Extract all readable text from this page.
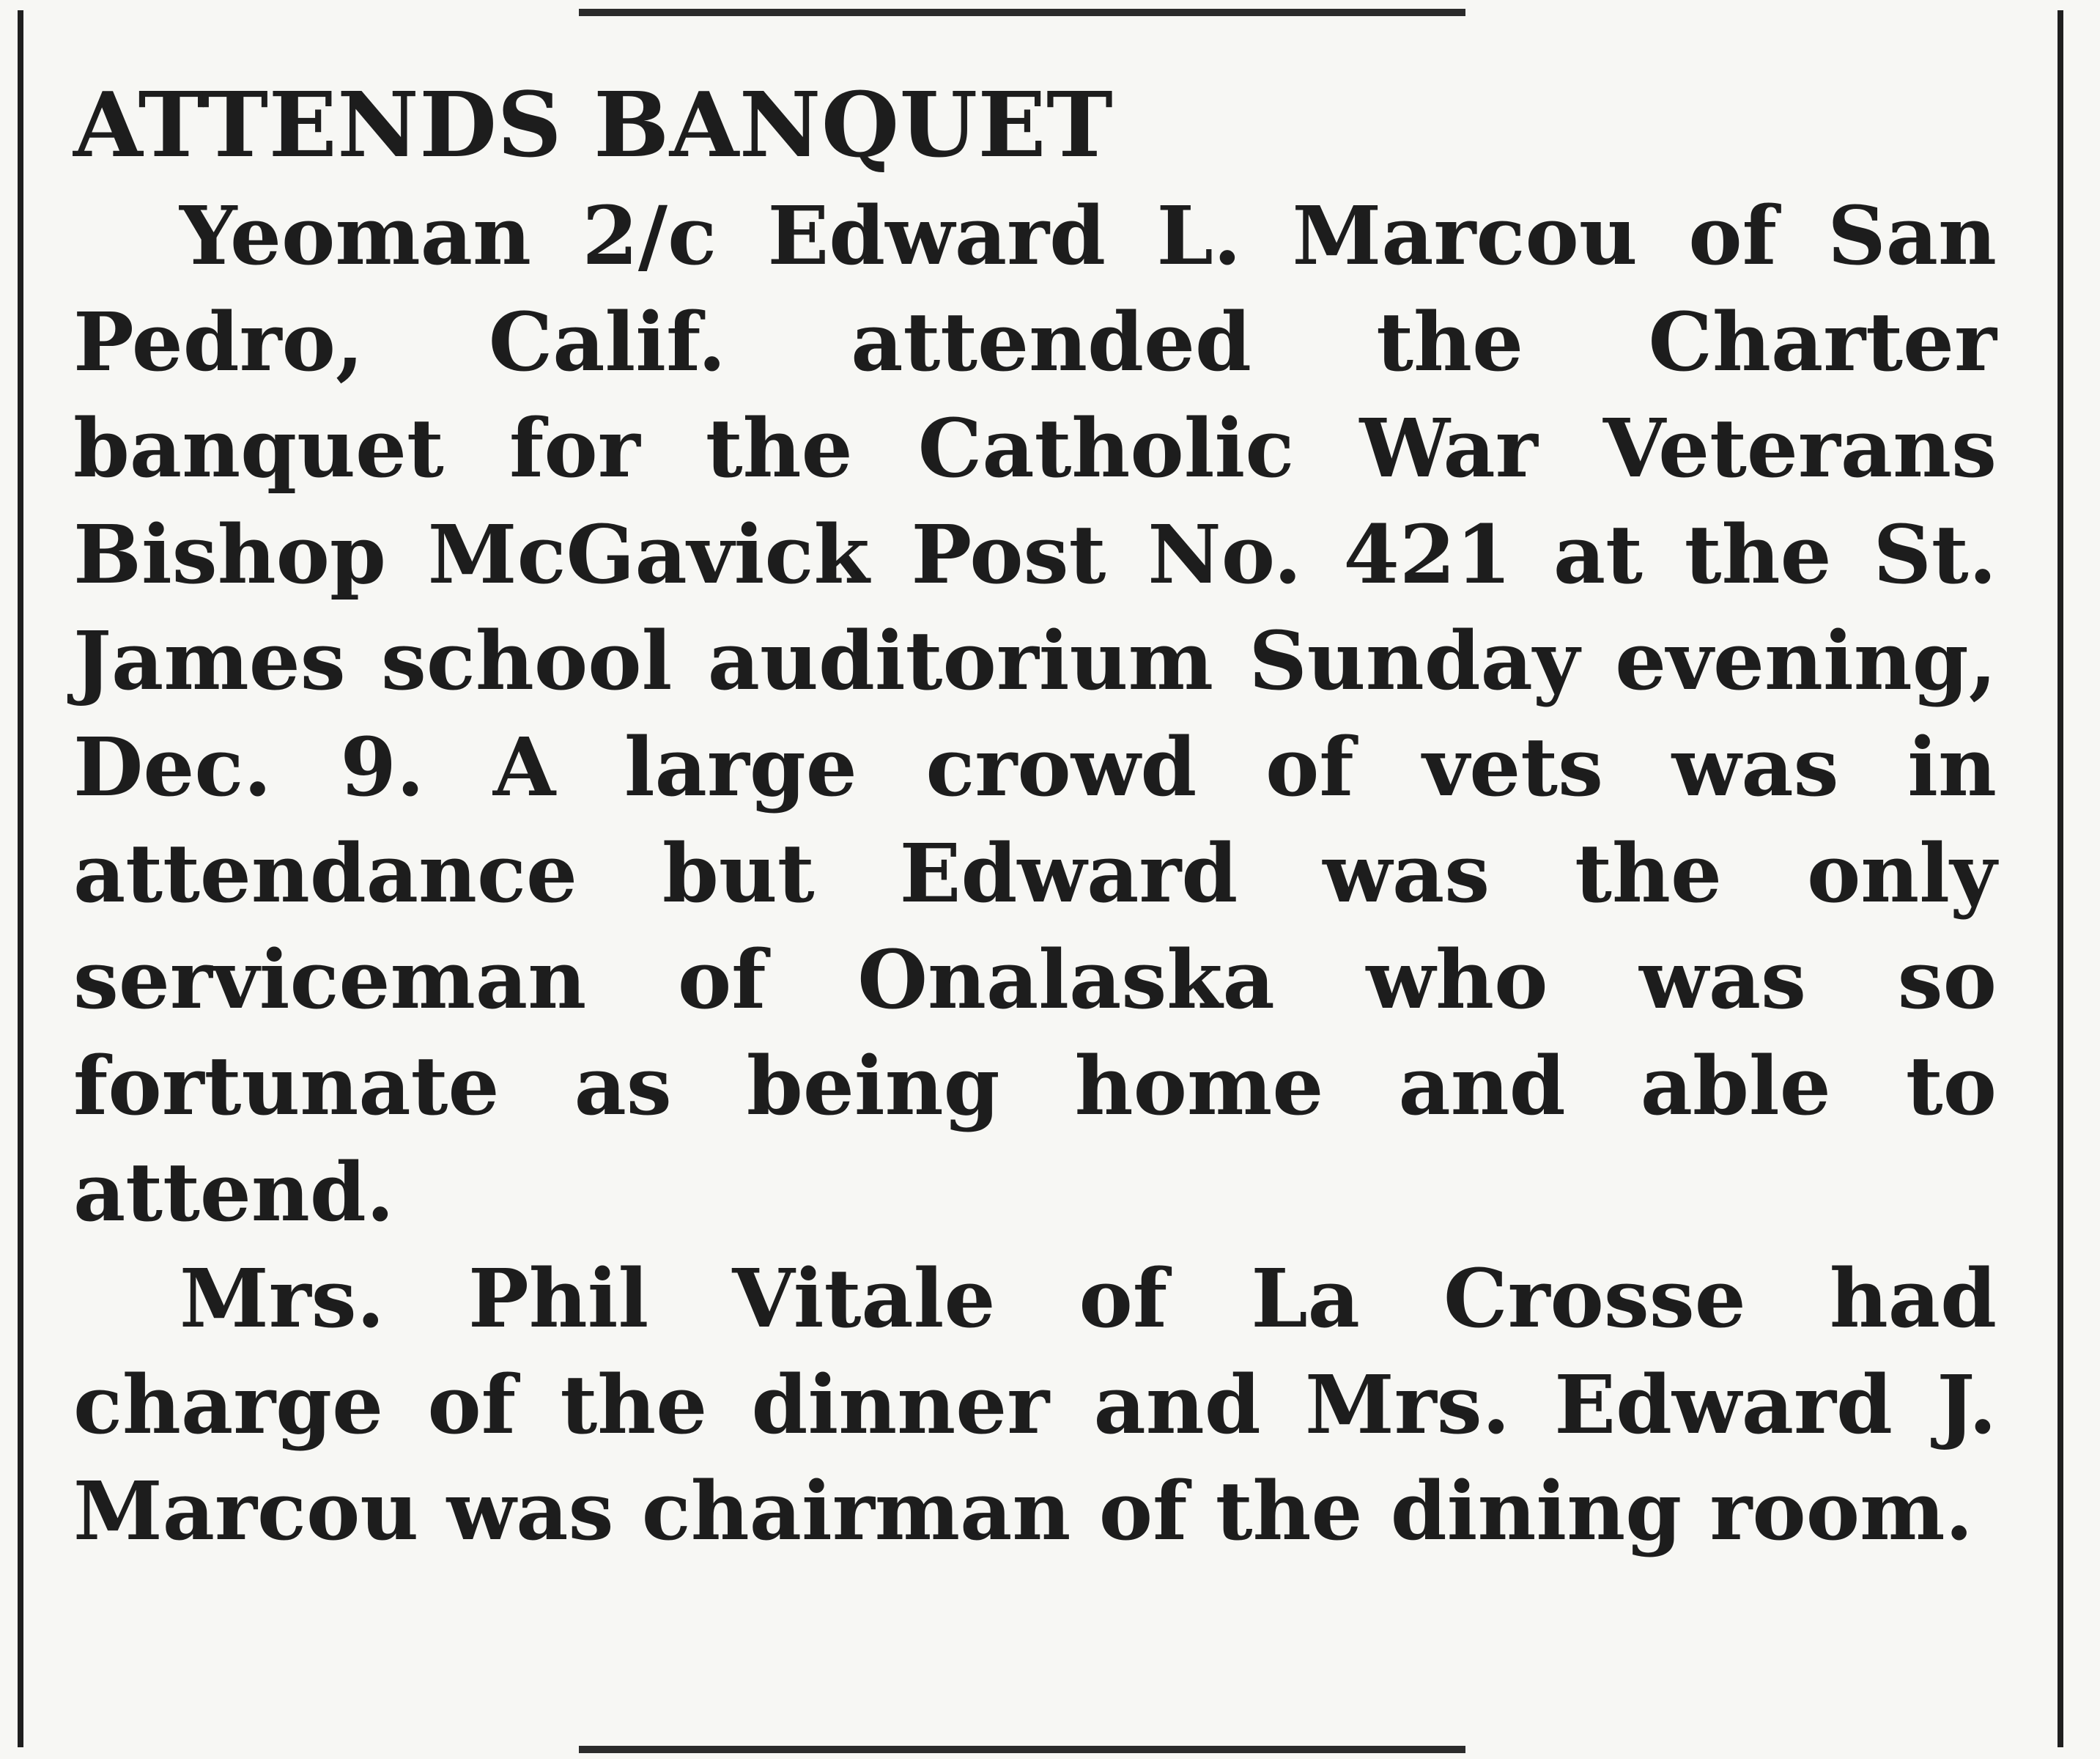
ATTENDS BANQUET

Yeoman 2/c Edward L. Marcou of San Pedro, Calif. attended the Charter banquet for the Catholic War Veterans Bishop McGavick Post No. 421 at the St. James school auditorium Sunday evening, Dec. 9. A large crowd of vets was in attendance but Edward was the only serviceman of Onalaska who was so fortunate as being home and able to attend.

Mrs. Phil Vitale of La Crosse had charge of the dinner and Mrs. Edward J. Marcou was chairman of the dining room.
